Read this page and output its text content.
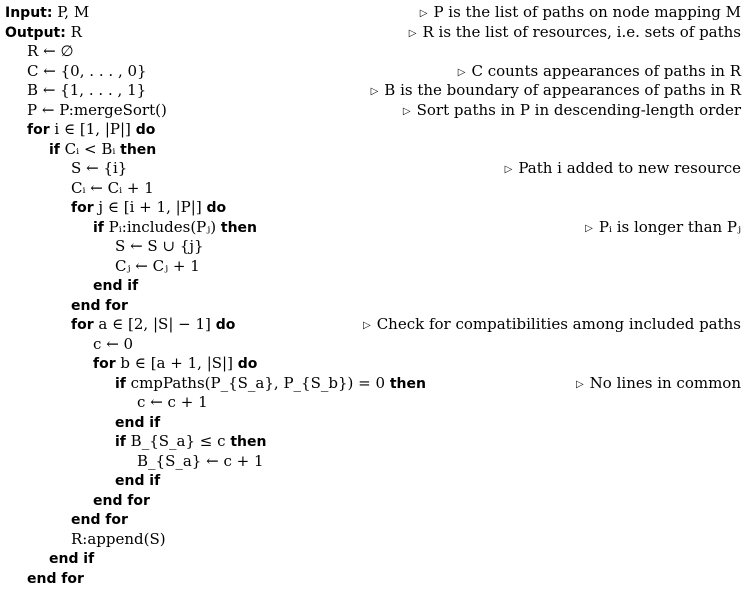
Input: P, M	▷ P is the list of paths on node mapping M
Output: R	▷ R is the list of resources, i.e. sets of paths
R ← ∅
C ← {0, . . . , 0}	▷ C counts appearances of paths in R
B ← {1, . . . , 1}	▷ B is the boundary of appearances of paths in R
P ← P:mergeSort()	▷ Sort paths in P in descending-length order
for i ∈ [1, |P|] do
if Cᵢ < Bᵢ then
S ← {i}	▷ Path i added to new resource
Cᵢ ← Cᵢ + 1
for j ∈ [i + 1, |P|] do
if Pᵢ:includes(Pⱼ) then	▷ Pᵢ is longer than Pⱼ
S ← S ∪ {j}
Cⱼ ← Cⱼ + 1
end if
end for
for a ∈ [2, |S| − 1] do	▷ Check for compatibilities among included paths
c ← 0
for b ∈ [a + 1, |S|] do
if cmpPaths(P_{S_a}, P_{S_b}) = 0 then	▷ No lines in common
c ← c + 1
end if
if B_{S_a} ≤ c then
B_{S_a} ← c + 1
end if
end for
end for
R:append(S)
end if
end for
